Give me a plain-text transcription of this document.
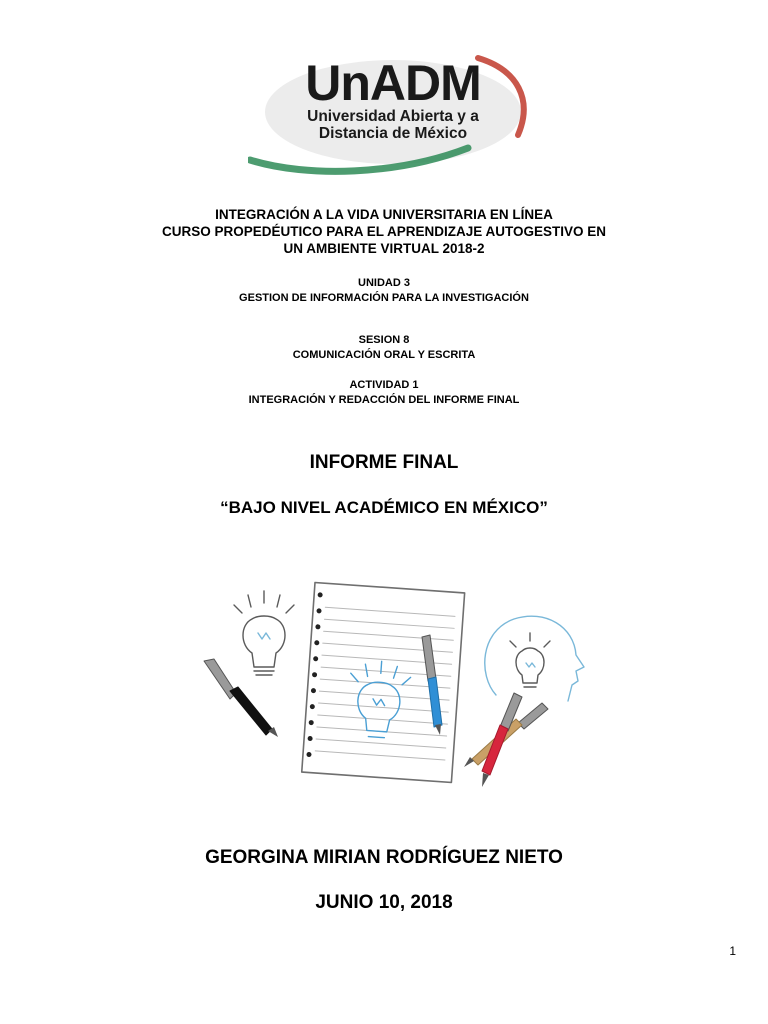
UnADM
Universidad Abierta y a
Distancia de México
INTEGRACIÓN A LA VIDA UNIVERSITARIA EN LÍNEA
CURSO PROPEDÉUTICO PARA EL APRENDIZAJE AUTOGESTIVO EN
UN AMBIENTE VIRTUAL 2018-2
UNIDAD 3
GESTION DE INFORMACIÓN PARA LA INVESTIGACIÓN
SESION 8
COMUNICACIÓN ORAL Y ESCRITA
ACTIVIDAD 1
INTEGRACIÓN Y REDACCIÓN DEL INFORME FINAL
INFORME FINAL
“BAJO NIVEL ACADÉMICO EN MÉXICO”
GEORGINA MIRIAN RODRÍGUEZ NIETO
JUNIO 10, 2018
1
